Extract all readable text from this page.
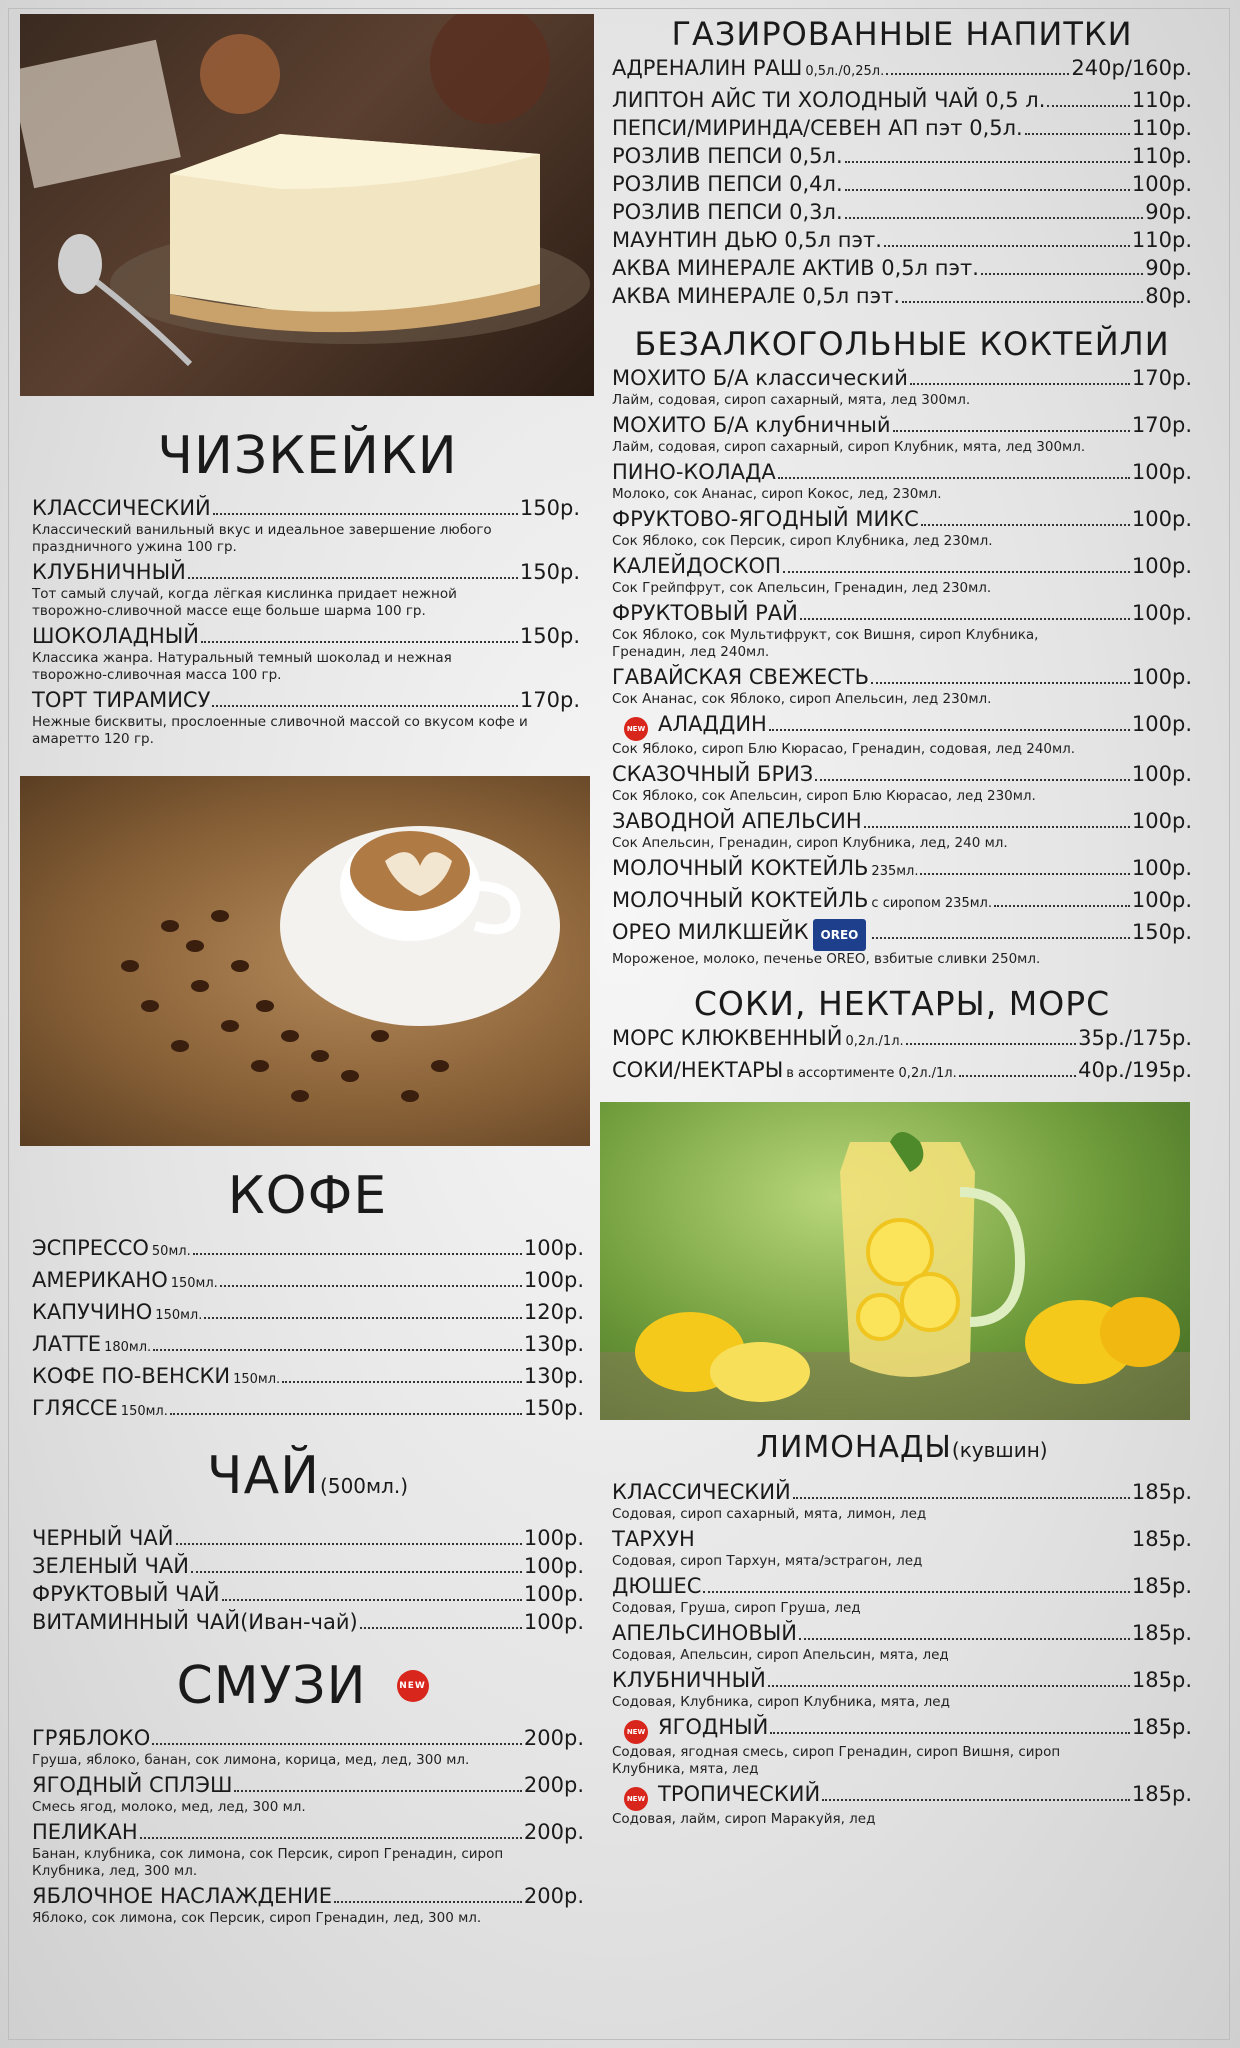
ЧИЗКЕЙКИ
КЛАССИЧЕСКИЙ	150р.
Классический ванильный вкус и идеальное завершение любого праздничного ужина 100 гр.
КЛУБНИЧНЫЙ	150р.
Тот самый случай, когда лёгкая кислинка придает нежной творожно-сливочной массе еще больше шарма 100 гр.
ШОКОЛАДНЫЙ	150р.
Классика жанра. Натуральный темный шоколад и нежная творожно-сливочная масса 100 гр.
ТОРТ ТИРАМИСУ	170р.
Нежные бисквиты, прослоенные сливочной массой со вкусом кофе и амаретто 120 гр.
КОФЕ
ЭСПРЕССО 50мл.	100р.
АМЕРИКАНО 150мл.	100р.
КАПУЧИНО 150мл.	120р.
ЛАТТЕ 180мл.	130р.
КОФЕ ПО-ВЕНСКИ 150мл.	130р.
ГЛЯССЕ 150мл.	150р.
ЧАЙ(500мл.)
ЧЕРНЫЙ ЧАЙ	100р.
ЗЕЛЕНЫЙ ЧАЙ	100р.
ФРУКТОВЫЙ ЧАЙ	100р.
ВИТАМИННЫЙ ЧАЙ(Иван-чай)	100р.
СМУЗИ	NEW
ГРЯБЛОКО	200р.
Груша, яблоко, банан, сок лимона, корица, мед, лед, 300 мл.
ЯГОДНЫЙ СПЛЭШ	200р.
Смесь ягод, молоко, мед, лед, 300 мл.
ПЕЛИКАН	200р.
Банан, клубника, сок лимона, сок Персик, сироп Гренадин, сироп Клубника, лед, 300 мл.
ЯБЛОЧНОЕ НАСЛАЖДЕНИЕ	200р.
Яблоко, сок лимона, сок Персик, сироп Гренадин, лед, 300 мл.
ГАЗИРОВАННЫЕ НАПИТКИ
АДРЕНАЛИН РАШ 0,5л./0,25л.	240р/160р.
ЛИПТОН АЙС ТИ ХОЛОДНЫЙ ЧАЙ 0,5 л.	110р.
ПЕПСИ/МИРИНДА/СЕВЕН АП пэт 0,5л.	110р.
РОЗЛИВ ПЕПСИ 0,5л.	110р.
РОЗЛИВ ПЕПСИ 0,4л.	100р.
РОЗЛИВ ПЕПСИ 0,3л.	90р.
МАУНТИН ДЬЮ 0,5л пэт.	110р.
АКВА МИНЕРАЛЕ АКТИВ 0,5л пэт.	90р.
АКВА МИНЕРАЛЕ 0,5л пэт.	80р.
БЕЗАЛКОГОЛЬНЫЕ КОКТЕЙЛИ
МОХИТО Б/А классический	170р.
Лайм, содовая, сироп сахарный, мята, лед 300мл.
МОХИТО Б/А клубничный	170р.
Лайм, содовая, сироп сахарный, сироп Клубник, мята, лед 300мл.
ПИНО-КОЛАДА	100р.
Молоко, сок Ананас, сироп Кокос, лед, 230мл.
ФРУКТОВО-ЯГОДНЫЙ МИКС	100р.
Сок Яблоко, сок Персик, сироп Клубника, лед 230мл.
КАЛЕЙДОСКОП	100р.
Сок Грейпфрут, сок Апельсин, Гренадин, лед 230мл.
ФРУКТОВЫЙ РАЙ	100р.
Сок Яблоко, сок Мультифрукт, сок Вишня, сироп Клубника, Гренадин, лед 240мл.
ГАВАЙСКАЯ СВЕЖЕСТЬ	100р.
Сок Ананас, сок Яблоко, сироп Апельсин, лед 230мл.
NEW АЛАДДИН	100р.
Сок Яблоко, сироп Блю Кюрасао, Гренадин, содовая, лед 240мл.
СКАЗОЧНЫЙ БРИЗ	100р.
Сок Яблоко, сок Апельсин, сироп Блю Кюрасао, лед 230мл.
ЗАВОДНОЙ АПЕЛЬСИН	100р.
Сок Апельсин, Гренадин, сироп Клубника, лед, 240 мл.
МОЛОЧНЫЙ КОКТЕЙЛЬ 235мл.	100р.
МОЛОЧНЫЙ КОКТЕЙЛЬ с сиропом 235мл.	100р.
ОРЕО МИЛКШЕЙК	OREO	150р.
Мороженое, молоко, печенье ОREO, взбитые сливки 250мл.
СОКИ, НЕКТАРЫ, МОРС
МОРС КЛЮКВЕННЫЙ 0,2л./1л.	35р./175р.
СОКИ/НЕКТАРЫ в ассортименте 0,2л./1л.	40р./195р.
ЛИМОНАДЫ(кувшин)
КЛАССИЧЕСКИЙ	185р.
Содовая, сироп сахарный, мята, лимон, лед
ТАРХУН	185р.
Содовая, сироп Тархун, мята/эстрагон, лед
ДЮШЕС	185р.
Содовая, Груша, сироп Груша, лед
АПЕЛЬСИНОВЫЙ	185р.
Содовая, Апельсин, сироп Апельсин, мята, лед
КЛУБНИЧНЫЙ	185р.
Содовая, Клубника, сироп Клубника, мята, лед
NEW ЯГОДНЫЙ	185р.
Содовая, ягодная смесь, сироп Гренадин, сироп Вишня, сироп Клубника, мята, лед
NEW ТРОПИЧЕСКИЙ	185р.
Содовая, лайм, сироп Маракуйя, лед
